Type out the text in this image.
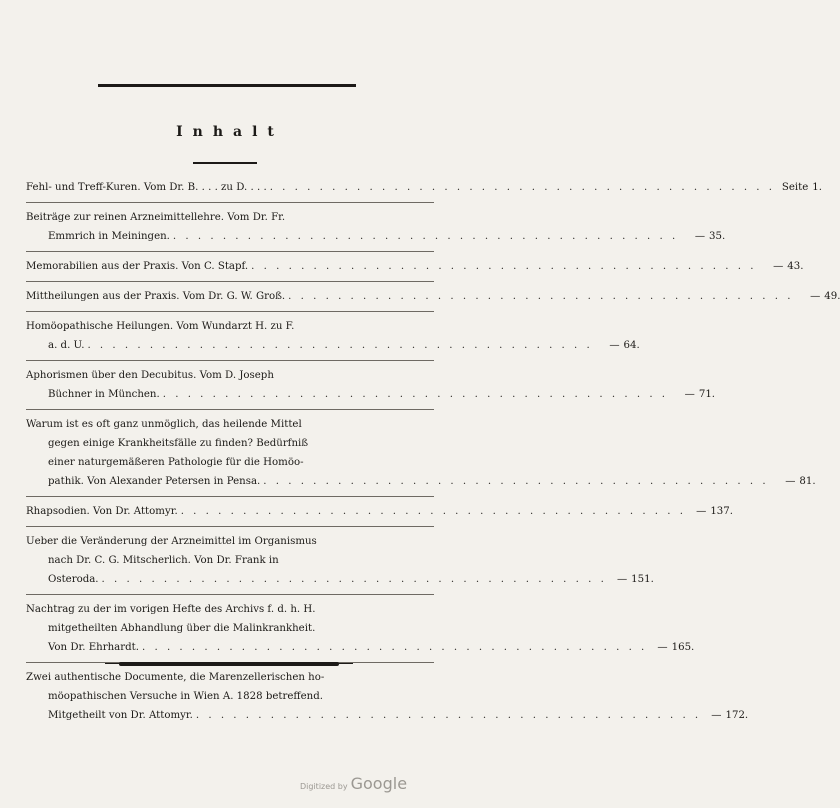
Inhalt
Fehl- und Treff-Kuren. Vom Dr. B. . . . zu D. . . . . . .	Seite 1.
Beiträge zur reinen Arzneimittellehre. Vom Dr. Fr.
Emmrich in Meiningen. . . .	— 35.
Memorabilien aus der Praxis. Von C. Stapf. . . .	— 43.
Mittheilungen aus der Praxis. Vom Dr. G. W. Groß. . . .	— 49.
Homöopathische Heilungen. Vom Wundarzt H. zu F.
a. d. U. . . .	— 64.
Aphorismen über den Decubitus. Vom D. Joseph
Büchner in München. . . .	— 71.
Warum ist es oft ganz unmöglich, das heilende Mittel
gegen einige Krankheitsfälle zu finden? Bedürfniß
einer naturgemäßeren Pathologie für die Homöo-
pathik. Von Alexander Petersen in Pensa. . . .	— 81.
Rhapsodien. Von Dr. Attomyr. . . .	— 137.
Ueber die Veränderung der Arzneimittel im Organismus
nach Dr. C. G. Mitscherlich. Von Dr. Frank in
Osteroda. . . .	— 151.
Nachtrag zu der im vorigen Hefte des Archivs f. d. h. H.
mitgetheilten Abhandlung über die Malinkrankheit.
Von Dr. Ehrhardt. . . .	— 165.
Zwei authentische Documente, die Marenzellerischen ho-
möopathischen Versuche in Wien A. 1828 betreffend.
Mitgetheilt von Dr. Attomyr. . . .	— 172.
Digitized by Google
